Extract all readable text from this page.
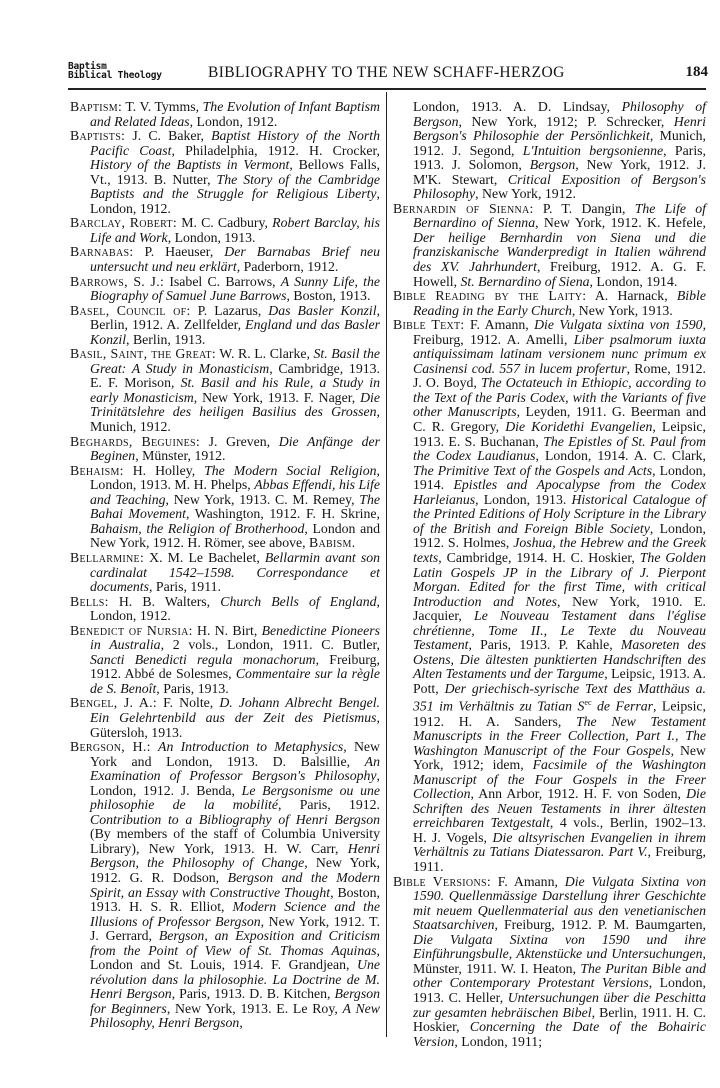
Baptism
Biblical Theology	BIBLIOGRAPHY TO THE NEW SCHAFF-HERZOG	184

Baptism: T. V. Tymms, The Evolution of Infant Baptism and Related Ideas, London, 1912.

Baptists: J. C. Baker, Baptist History of the North Pacific Coast, Philadelphia, 1912. H. Crocker, History of the Baptists in Vermont, Bellows Falls, Vt., 1913. B. Nutter, The Story of the Cambridge Baptists and the Struggle for Religious Liberty, London, 1912.

Barclay, Robert: M. C. Cadbury, Robert Barclay, his Life and Work, London, 1913.

Barnabas: P. Haeuser, Der Barnabas Brief neu untersucht und neu erklärt, Paderborn, 1912.

Barrows, S. J.: Isabel C. Barrows, A Sunny Life, the Biography of Samuel June Barrows, Boston, 1913.

Basel, Council of: P. Lazarus, Das Basler Konzil, Berlin, 1912. A. Zellfelder, England und das Basler Konzil, Berlin, 1913.

Basil, Saint, the Great: W. R. L. Clarke, St. Basil the Great: A Study in Monasticism, Cambridge, 1913. E. F. Morison, St. Basil and his Rule, a Study in early Monasticism, New York, 1913. F. Nager, Die Trinitätslehre des heiligen Basilius des Grossen, Munich, 1912.

Beghards, Beguines: J. Greven, Die Anfänge der Beginen, Münster, 1912.

Behaism: H. Holley, The Modern Social Religion, London, 1913. M. H. Phelps, Abbas Effendi, his Life and Teaching, New York, 1913. C. M. Remey, The Bahai Movement, Washington, 1912. F. H. Skrine, Bahaism, the Religion of Brotherhood, London and New York, 1912. H. Römer, see above, Babism.

Bellarmine: X. M. Le Bachelet, Bellarmin avant son cardinalat 1542–1598. Correspondance et documents, Paris, 1911.

Bells: H. B. Walters, Church Bells of England, London, 1912.

Benedict of Nursia: H. N. Birt, Benedictine Pioneers in Australia, 2 vols., London, 1911. C. Butler, Sancti Benedicti regula monachorum, Freiburg, 1912. Abbé de Solesmes, Commentaire sur la règle de S. Benoît, Paris, 1913.

Bengel, J. A.: F. Nolte, D. Johann Albrecht Bengel. Ein Gelehrtenbild aus der Zeit des Pietismus, Gütersloh, 1913.

Bergson, H.: An Introduction to Metaphysics, New York and London, 1913. D. Balsillie, An Examination of Professor Bergson's Philosophy, London, 1912. J. Benda, Le Bergsonisme ou une philosophie de la mobilité, Paris, 1912. Contribution to a Bibliography of Henri Bergson (By members of the staff of Columbia University Library), New York, 1913. H. W. Carr, Henri Bergson, the Philosophy of Change, New York, 1912. G. R. Dodson, Bergson and the Modern Spirit, an Essay with Constructive Thought, Boston, 1913. H. S. R. Elliot, Modern Science and the Illusions of Professor Bergson, New York, 1912. T. J. Gerrard, Bergson, an Exposition and Criticism from the Point of View of St. Thomas Aquinas, London and St. Louis, 1914. F. Grandjean, Une révolution dans la philosophie. La Doctrine de M. Henri Bergson, Paris, 1913. D. B. Kitchen, Bergson for Beginners, New York, 1913. E. Le Roy, A New Philosophy, Henri Bergson,

London, 1913. A. D. Lindsay, Philosophy of Bergson, New York, 1912; P. Schrecker, Henri Bergson's Philosophie der Persönlichkeit, Munich, 1912. J. Segond, L'Intuition bergsonienne, Paris, 1913. J. Solomon, Bergson, New York, 1912. J. M'K. Stewart, Critical Exposition of Bergson's Philosophy, New York, 1912.

Bernardin of Sienna: P. T. Dangin, The Life of Bernardino of Sienna, New York, 1912. K. Hefele, Der heilige Bernhardin von Siena und die franziskanische Wanderpredigt in Italien während des XV. Jahrhundert, Freiburg, 1912. A. G. F. Howell, St. Bernardino of Siena, London, 1914.

Bible Reading by the Laity: A. Harnack, Bible Reading in the Early Church, New York, 1913.

Bible Text: F. Amann, Die Vulgata sixtina von 1590, Freiburg, 1912. A. Amelli, Liber psalmorum iuxta antiquissimam latinam versionem nunc primum ex Casinensi cod. 557 in lucem profertur, Rome, 1912. J. O. Boyd, The Octateuch in Ethiopic, according to the Text of the Paris Codex, with the Variants of five other Manuscripts, Leyden, 1911. G. Beerman and C. R. Gregory, Die Koridethi Evangelien, Leipsic, 1913. E. S. Buchanan, The Epistles of St. Paul from the Codex Laudianus, London, 1914. A. C. Clark, The Primitive Text of the Gospels and Acts, London, 1914. Epistles and Apocalypse from the Codex Harleianus, London, 1913. Historical Catalogue of the Printed Editions of Holy Scripture in the Library of the British and Foreign Bible Society, London, 1912. S. Holmes, Joshua, the Hebrew and the Greek texts, Cambridge, 1914. H. C. Hoskier, The Golden Latin Gospels JP in the Library of J. Pierpont Morgan. Edited for the first Time, with critical Introduction and Notes, New York, 1910. E. Jacquier, Le Nouveau Testament dans l'église chrétienne, Tome II., Le Texte du Nouveau Testament, Paris, 1913. P. Kahle, Masoreten des Ostens, Die ältesten punktierten Handschriften des Alten Testaments und der Targume, Leipsic, 1913. A. Pott, Der griechisch-syrische Text des Matthäus a. 351 im Verhältnis zu Tatian $S^{ec}$ de Ferrar, Leipsic, 1912. H. A. Sanders, The New Testament Manuscripts in the Freer Collection, Part I., The Washington Manuscript of the Four Gospels, New York, 1912; idem, Facsimile of the Washington Manuscript of the Four Gospels in the Freer Collection, Ann Arbor, 1912. H. F. von Soden, Die Schriften des Neuen Testaments in ihrer ältesten erreichbaren Textgestalt, 4 vols., Berlin, 1902–13. H. J. Vogels, Die altsyrischen Evangelien in ihrem Verhältnis zu Tatians Diatessaron. Part V., Freiburg, 1911.

Bible Versions: F. Amann, Die Vulgata Sixtina von 1590. Quellenmässige Darstellung ihrer Geschichte mit neuem Quellenmaterial aus den venetianischen Staatsarchiven, Freiburg, 1912. P. M. Baumgarten, Die Vulgata Sixtina von 1590 und ihre Einführungsbulle, Aktenstücke und Untersuchungen, Münster, 1911. W. I. Heaton, The Puritan Bible and other Contemporary Protestant Versions, London, 1913. C. Heller, Untersuchungen über die Peschitta zur gesamten hebräischen Bibel, Berlin, 1911. H. C. Hoskier, Concerning the Date of the Bohairic Version, London, 1911;
